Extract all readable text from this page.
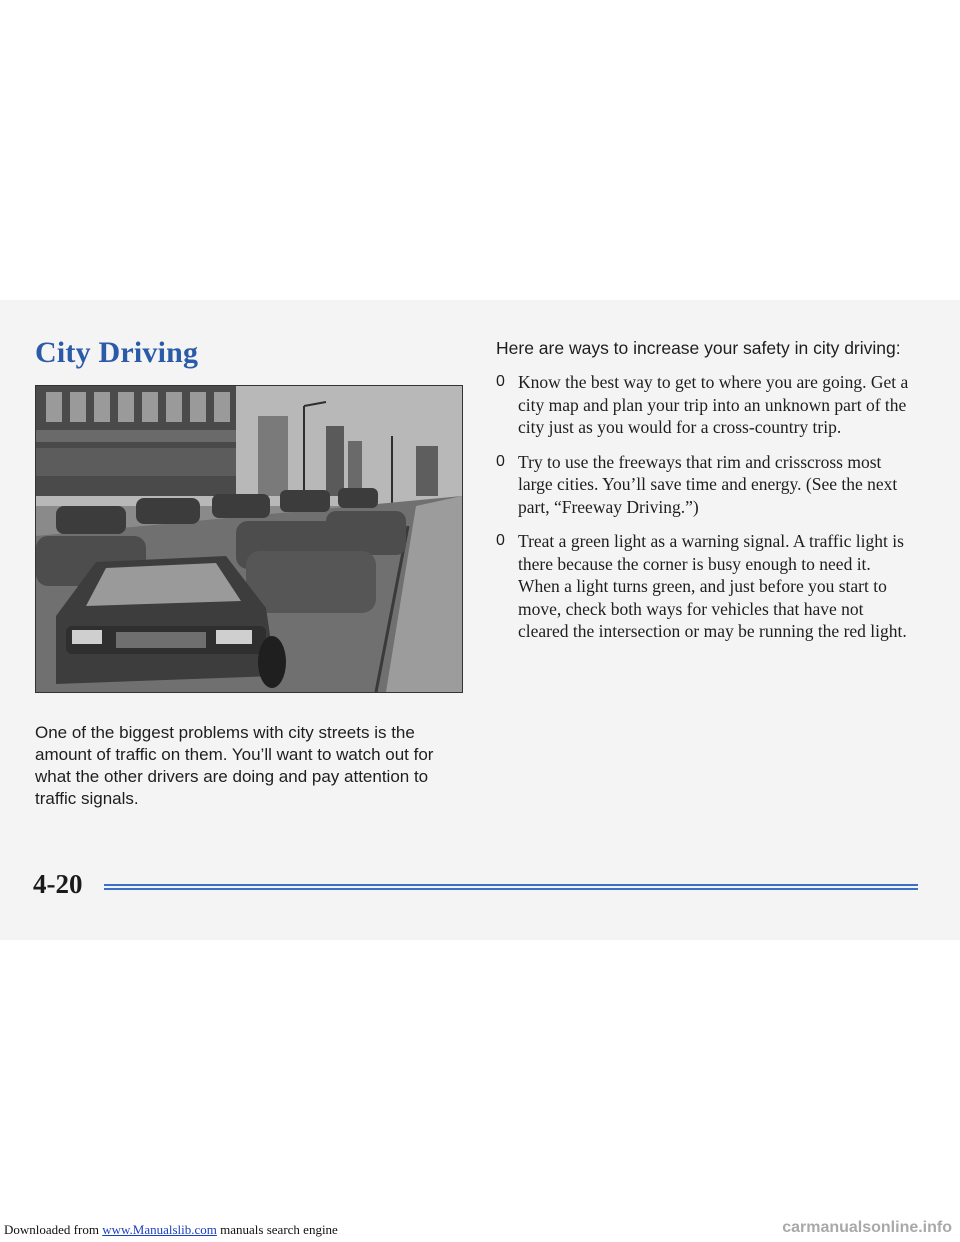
City Driving

One of the biggest problems with city streets is the amount of traffic on them. You’ll want to watch out for what the other drivers are doing and pay attention to traffic signals.

Here are ways to increase your safety in city driving:

0 Know the best way to get to where you are going. Get a city map and plan your trip into an unknown part of the city just as you would for a cross-country trip.
0 Try to use the freeways that rim and crisscross most large cities. You’ll save time and energy. (See the next part, “Freeway Driving.”)
0 Treat a green light as a warning signal. A traffic light is there because the corner is busy enough to need it. When a light turns green, and just before you start to move, check both ways for vehicles that have not cleared the intersection or may be running the red light.

4-20

Downloaded from www.Manualslib.com manuals search engine	carmanualsonline.info
